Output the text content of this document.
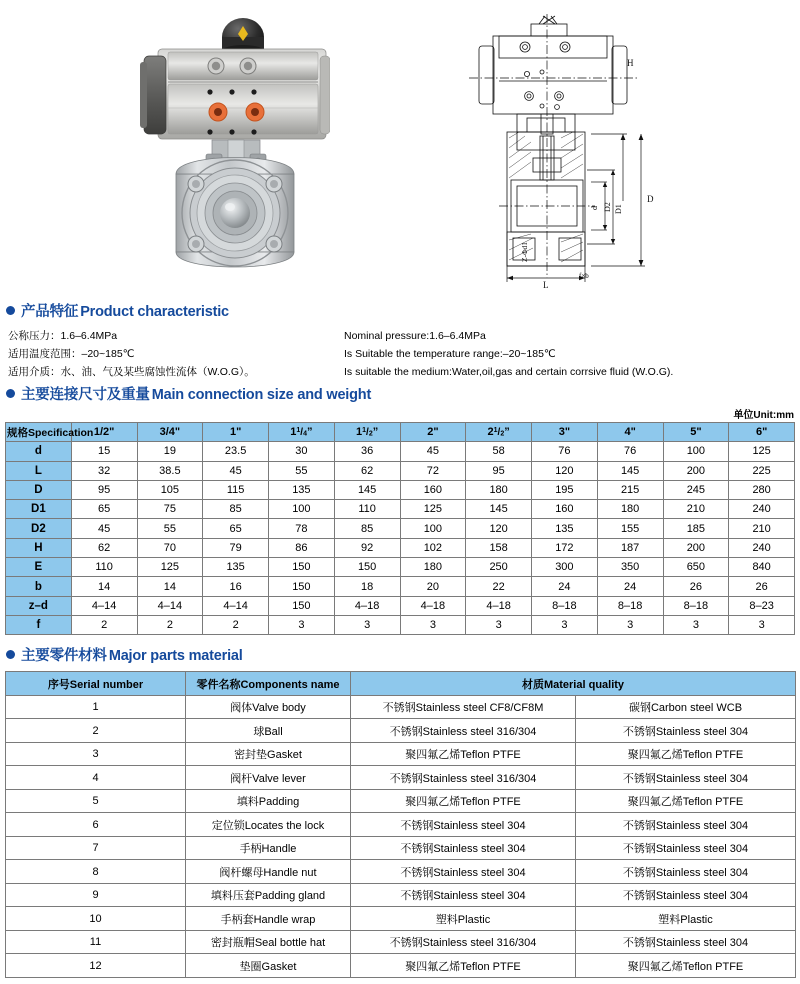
H
D
d D2 D1
L
Z-Φd1
f×b
产品特征 Product characteristic
公称压力：1.6–6.4MPa
适用温度范围：–20~185℃
适用介质：水、油、气及某些腐蚀性流体（W.O.G）。
Nominal pressure:1.6–6.4MPa
Is Suitable the temperature range:–20~185℃
Is suitable the medium:Water,oil,gas and certain corrsive fluid (W.O.G).
主要连接尺寸及重量 Main connection size and weight
单位Unit:mm
规格Specification	1/2"	3/4"	1"	$1^1/_4$”	$1^1/_2$”	2"	$2^1/_2$”	3"	4"	5"	6"
d	15	19	23.5	30	36	45	58	76	76	100	125
L	32	38.5	45	55	62	72	95	120	145	200	225
D	95	105	115	135	145	160	180	195	215	245	280
D1	65	75	85	100	110	125	145	160	180	210	240
D2	45	55	65	78	85	100	120	135	155	185	210
H	62	70	79	86	92	102	158	172	187	200	240
E	110	125	135	150	150	180	250	300	350	650	840
b	14	14	16	150	18	20	22	24	24	26	26
z–d	4–14	4–14	4–14	150	4–18	4–18	4–18	8–18	8–18	8–18	8–23
f	2	2	2	3	3	3	3	3	3	3	3
主要零件材料 Major parts material
序号Serial number	零件名称Components name	材质Material quality	
1	阀体Valve body	不锈钢Stainless steel CF8/CF8M	碳钢Carbon steel WCB
2	球Ball	不锈钢Stainless steel 316/304	不锈钢Stainless steel 304
3	密封垫Gasket	聚四氟乙烯Teflon PTFE	聚四氟乙烯Teflon PTFE
4	阀杆Valve lever	不锈钢Stainless steel 316/304	不锈钢Stainless steel 304
5	填料Padding	聚四氟乙烯Teflon PTFE	聚四氟乙烯Teflon PTFE
6	定位锁Locates the lock	不锈钢Stainless steel 304	不锈钢Stainless steel 304
7	手柄Handle	不锈钢Stainless steel 304	不锈钢Stainless steel 304
8	阀杆螺母Handle nut	不锈钢Stainless steel 304	不锈钢Stainless steel 304
9	填料压套Padding gland	不锈钢Stainless steel 304	不锈钢Stainless steel 304
10	手柄套Handle wrap	塑料Plastic	塑料Plastic
11	密封瓶帽Seal bottle hat	不锈钢Stainless steel 316/304	不锈钢Stainless steel 304
12	垫圈Gasket	聚四氟乙烯Teflon PTFE	聚四氟乙烯Teflon PTFE
